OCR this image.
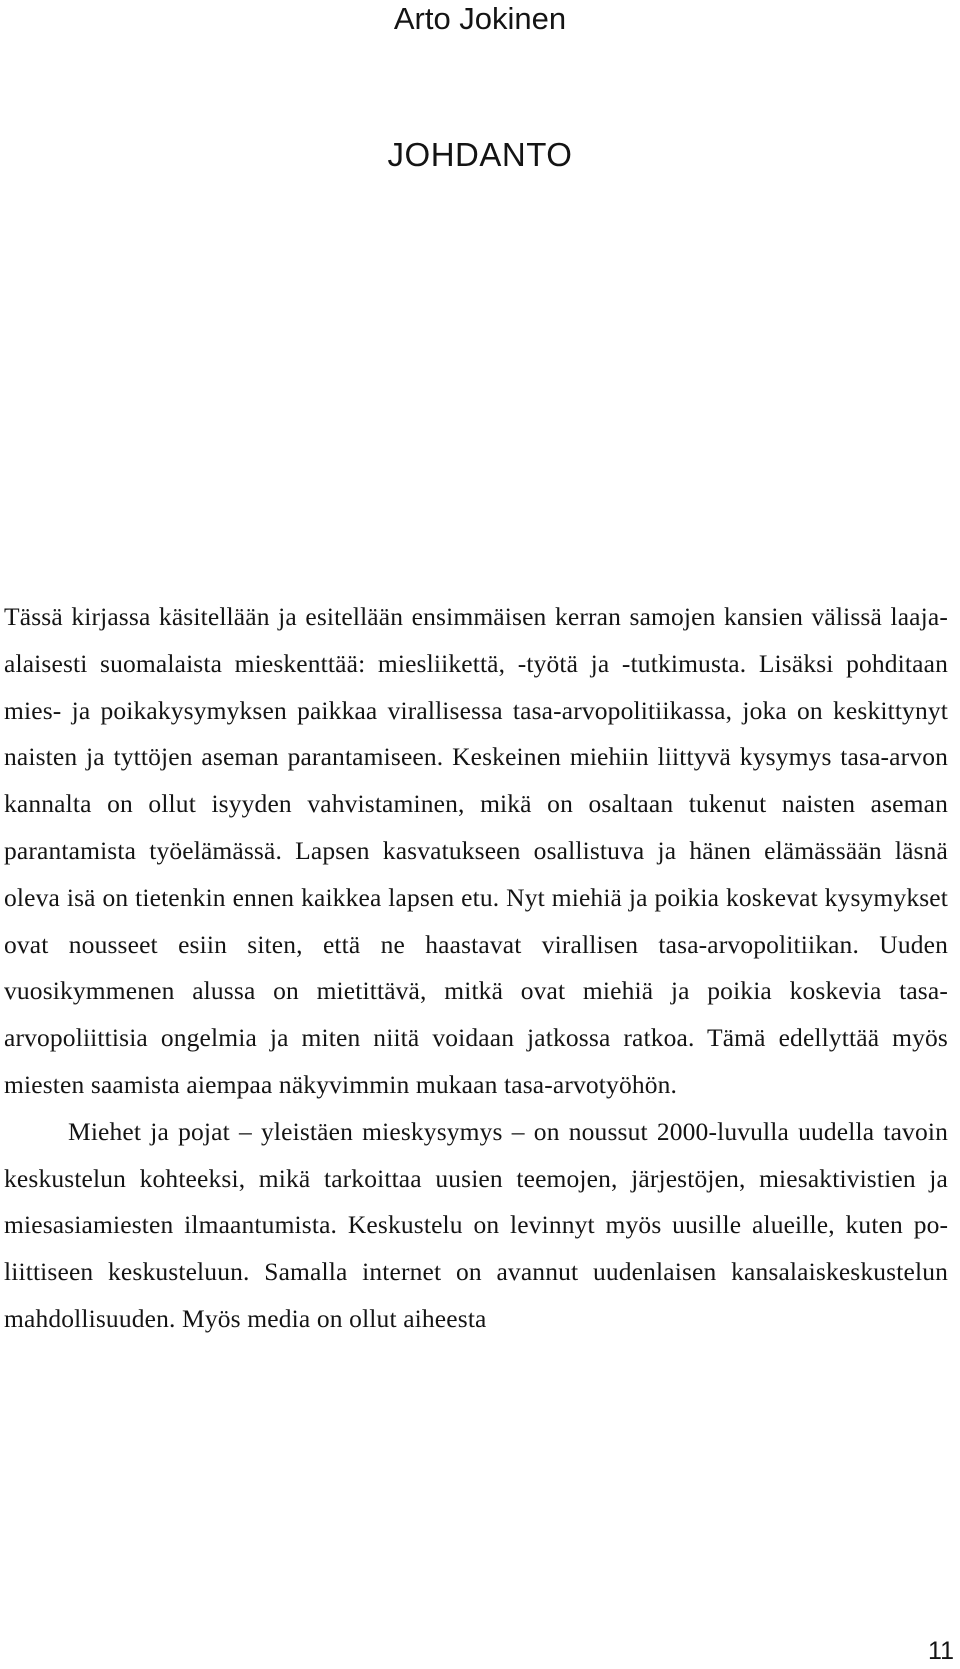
Arto Jokinen
JOHDANTO

Tässä kirjassa käsitellään ja esitellään ensimmäisen kerran samojen kansien välissä laaja-alaisesti suomalaista mieskenttää: miesliikettä, -työtä ja -tutkimusta. Lisäksi pohditaan mies- ja poikakysymyksen paikkaa virallisessa tasa-arvopolitiikassa, joka on keskittynyt naisten ja tyttöjen aseman parantamiseen. Keskeinen miehiin liittyvä kysymys tasa-arvon kannalta on ollut isyyden vahvistaminen, mikä on osaltaan tukenut naisten aseman parantamista työelämässä. Lapsen kasvatukseen osallistuva ja hänen elämässään läsnä oleva isä on tietenkin ennen kaikkea lapsen etu. Nyt miehiä ja poikia koskevat kysymykset ovat nousseet esiin siten, että ne haastavat virallisen tasa-arvopolitiikan. Uuden vuosikymmenen alussa on mietittävä, mitkä ovat miehiä ja poikia koskevia tasa-arvopoliittisia ongelmia ja miten niitä voidaan jatkossa ratkoa. Tämä edellyttää myös miesten saamista aiempaa näkyvimmin mukaan tasa-arvotyöhön.

Miehet ja pojat – yleistäen mieskysymys – on noussut 2000-luvulla uudella tavoin keskustelun kohteeksi, mikä tarkoittaa uusien teemojen, järjestöjen, miesaktivistien ja miesasiamiesten ilmaantumista. Keskustelu on levinnyt myös uusille alueille, kuten poliittiseen keskusteluun. Samalla internet on avannut uudenlaisen kansalaiskeskustelun mahdollisuuden. Myös media on ollut aiheesta

11
